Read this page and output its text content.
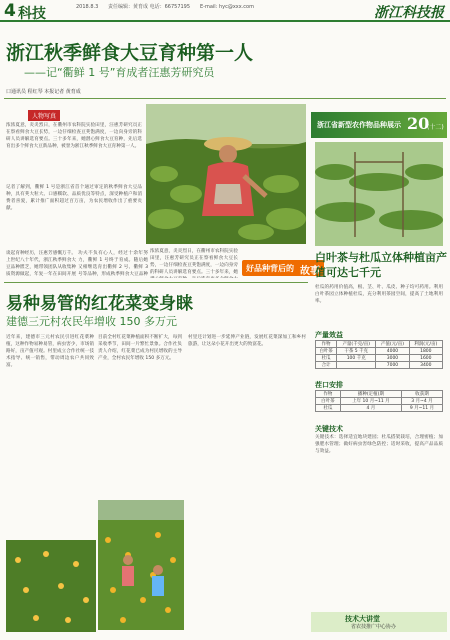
4 科技	2018.8.3 责任编辑：黄育成 电话：66757195 E-mail: hyc@xxx.com	浙江科技报
浙江秋季鲜食大豆育种第一人
——记“衢鲜 1 号”育成者汪惠芳研究员
口通讯员 程红琴 本报记者 黄育成
人物写真
浓浓夏意，炎炎烈日，在衢州市农科院实验田里，汪惠芳研究员正在察看鲜食大豆长势，一边仔细检查豆荚饱满度，一边向身旁的科研人员讲解选育要点。三十多年来，她潜心鲜食大豆育种，先后选育出多个鲜食大豆新品种，被誉为浙江秋季鲜食大豆育种第一人。
记者了解到，衢鲜 1 号是浙江省首个通过审定的秋季鲜食大豆品种，具有荚大粒大、口感糯软、品质优良等特点，深受种植户和消费者喜爱，累计推广面积超过百万亩，为农民增收作出了重要贡献。
谈起育种经历，汪惠芳感慨万千。上世纪八十年代，浙江秋季鲜食大豆品种匮乏，她带领团队从收集种质资源做起，年复一年在田间开展
功夫不负有心人，经过十余年努力，衢鲜 1 号终于育成。随后她又相继选育出衢鲜 2 号、衢鲜 3 号等品种，形成秋季鲜食大豆品种
浓浓夏意，炎炎烈日，在衢州市农科院实验田里，汪惠芳研究员正在察看鲜食大豆长势，一边仔细检查豆荚饱满度，一边向身旁的科研人员讲解选育要点。三十多年来，她 好品种背后的 故事
易种易管的红花菜变身睐
建德三元村农民年增收 150 多万元
近年来，建德市三元村农民引进红花菜种植，这种作物易种易管，病虫害少，市场销路好，亩产值可观。村里成立合作社统一技术指导、统一销售，带动周边农户共同致富。
目前全村红花菜种植面积不断扩大，每到采收季节，田间一片繁忙景象。合作社负责人介绍，红花菜已成为村民增收的主导产业，全村农民年增收 150 多万元。
村里还计划进一步延伸产业链，发展红花菜深加工和乡村旅游，让这朵小花开出更大的致富花。
浙江省新型农作物品种展示 20
(十二)
白叶茶与杜瓜立体种植亩产值可达七千元
杜瓜的药用价值高，根、茎、叶、瓜皮、种子均可药用。利用白叶茶园立体种植杜瓜，充分利用茶园空间，提高了土地利用率。
产量效益
作物	产量(千克/亩)	产值(元/亩)	利润(元/亩)
白叶茶	干茶 5 千克	4000	1800
杜瓜	100 千克	3000	1600
合计		7000	3400
茬口安排
作物	播种(定植)期	收获期
白叶茶	上年 10 月~11 月	3 月~4 月
杜瓜	4 月	9 月~11 月
关键技术
关键技术：选择适宜地块建园；杜瓜搭架栽培，合理密植；加强肥水管理；做好病虫害绿色防控；适时采收，提高产品品质与效益。
技术大讲堂
省农技推广中心协办
